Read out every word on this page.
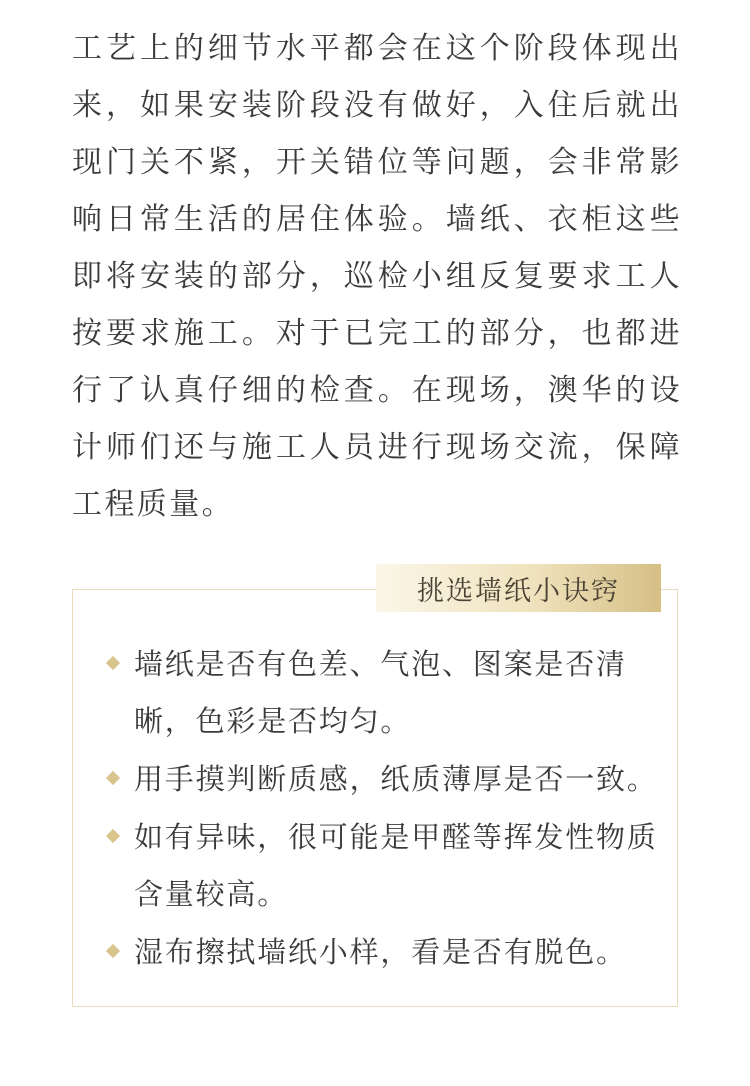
工艺上的细节水平都会在这个阶段体现出来，如果安装阶段没有做好，入住后就出现门关不紧，开关错位等问题，会非常影响日常生活的居住体验。墙纸、衣柜这些即将安装的部分，巡检小组反复要求工人按要求施工。对于已完工的部分，也都进行了认真仔细的检查。在现场，澳华的设计师们还与施工人员进行现场交流，保障工程质量。

挑选墙纸小诀窍
墙纸是否有色差、气泡、图案是否清晰，色彩是否均匀。
用手摸判断质感，纸质薄厚是否一致。
如有异味，很可能是甲醛等挥发性物质含量较高。
湿布擦拭墙纸小样，看是否有脱色。
